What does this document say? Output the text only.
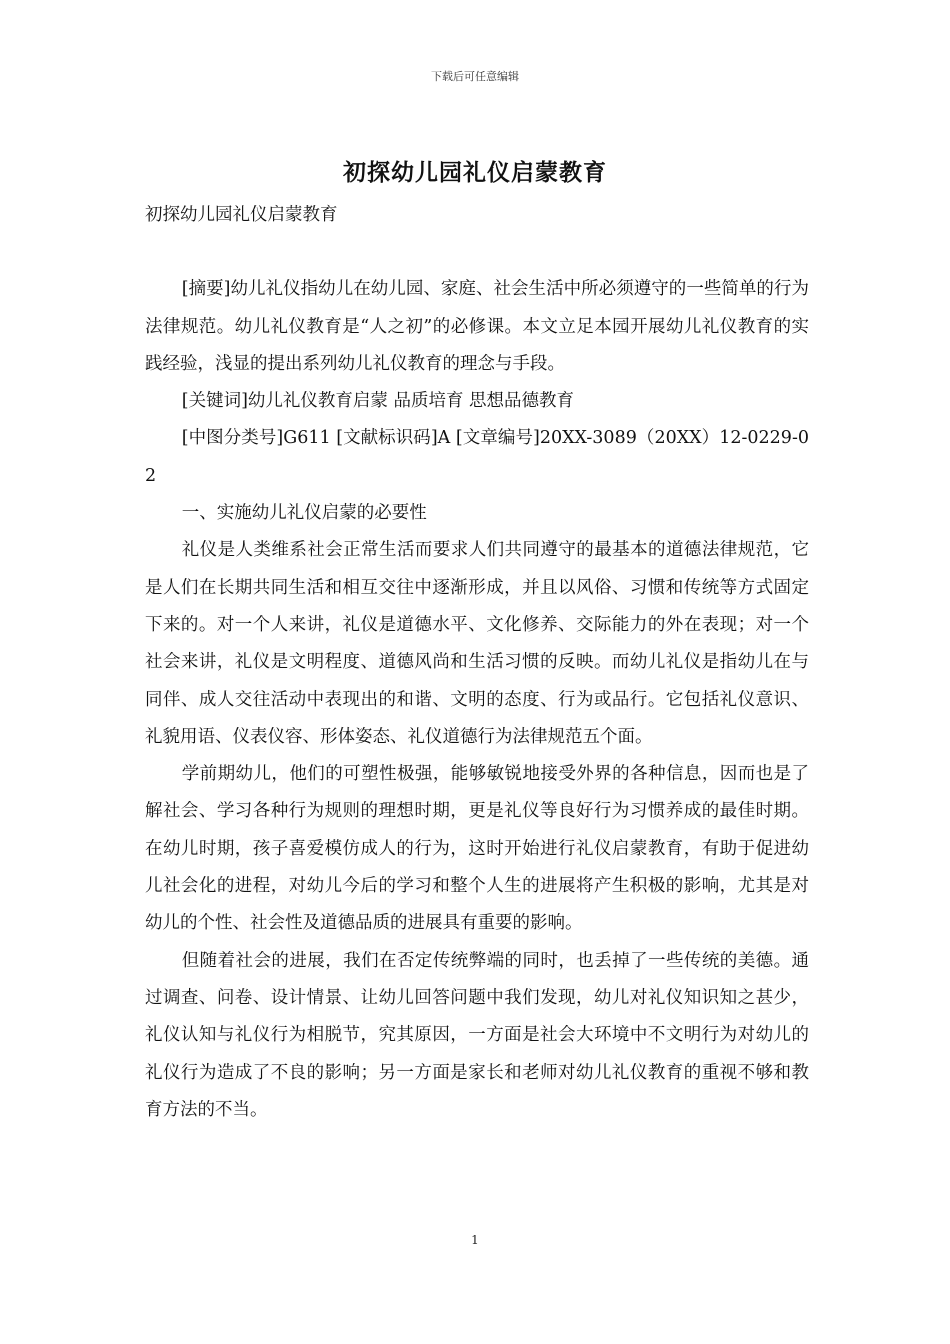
下载后可任意编辑
初探幼儿园礼仪启蒙教育

初探幼儿园礼仪启蒙教育

[摘要]幼儿礼仪指幼儿在幼儿园、家庭、社会生活中所必须遵守的一些简单的行为法律规范。幼儿礼仪教育是“人之初”的必修课。本文立足本园开展幼儿礼仪教育的实践经验，浅显的提出系列幼儿礼仪教育的理念与手段。

[关键词]幼儿礼仪教育启蒙 品质培育 思想品德教育

[中图分类号]G611 [文献标识码]A [文章编号]20XX-3089（20XX）12-0229-02

一、实施幼儿礼仪启蒙的必要性

礼仪是人类维系社会正常生活而要求人们共同遵守的最基本的道德法律规范，它是人们在长期共同生活和相互交往中逐渐形成，并且以风俗、习惯和传统等方式固定下来的。对一个人来讲，礼仪是道德水平、文化修养、交际能力的外在表现；对一个社会来讲，礼仪是文明程度、道德风尚和生活习惯的反映。而幼儿礼仪是指幼儿在与同伴、成人交往活动中表现出的和谐、文明的态度、行为或品行。它包括礼仪意识、礼貌用语、仪表仪容、形体姿态、礼仪道德行为法律规范五个面。

学前期幼儿，他们的可塑性极强，能够敏锐地接受外界的各种信息，因而也是了解社会、学习各种行为规则的理想时期，更是礼仪等良好行为习惯养成的最佳时期。在幼儿时期，孩子喜爱模仿成人的行为，这时开始进行礼仪启蒙教育，有助于促进幼儿社会化的进程，对幼儿今后的学习和整个人生的进展将产生积极的影响，尤其是对幼儿的个性、社会性及道德品质的进展具有重要的影响。

但随着社会的进展，我们在否定传统弊端的同时，也丢掉了一些传统的美德。通过调查、问卷、设计情景、让幼儿回答问题中我们发现，幼儿对礼仪知识知之甚少，礼仪认知与礼仪行为相脱节，究其原因，一方面是社会大环境中不文明行为对幼儿的礼仪行为造成了不良的影响；另一方面是家长和老师对幼儿礼仪教育的重视不够和教育方法的不当。

1
